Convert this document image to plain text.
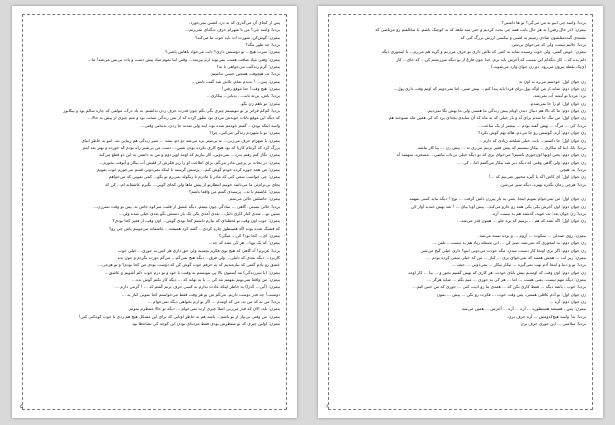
پس از کجای آن می‌گذری که به درد کشتن نمی‌خورد.
بردیا: واسه چی؟ من با شهرام حرف دیگه‌ای نمی‌زنم...
بیمزن: گوش‌کن، شورت ات باید خوب ما می‌کنه؟
بردیا: چه طور مگه؟
بیمزن: سرت هیچ... تو دوستش داری؟ دلت می‌خواد باهاش باشی؟
بیمزن: وقتی میاد صافت هست نمی‌تونه ازم بپرسه... وقتی اینا تموم میاد پیش دست و پات بی‌بس می‌شه! ما...
بیمزن: گرم زندگیت می‌خواهی یا نه؟
بردیا: نه، هیچوقت همچین حسی نداشتم.
بیمزن: پس... ! ندیدم تمام، تلاش شد گفت بانش...
بیمزن: هیچ وقت! حتا موقع رفتن!
بردیا: باش، بی‌ئه تابت... بدبابر... بیکاری...
بیمزن: تو باهم زن بگو.
بردیا: کم‌کم فراتر بر تو نتونستم چیزی بگی بگم چون قدرت حرف زدن نداشتم. به یاد درک، مولفی که چاره سالم بود و بیکانور
که دیگه این موقع بابات خونه‌ش مردی بود بطور کرده که از بس زندگی سخت بود و منم چیزی از پیش به حالا...
واسه اینکه بودن... گفتم خودمم شده بود، اینه ولی شدند جا زدن، بدبختی وقتی...
بیمزن: تو با شهردم زندگی می‌کنی، چرا؟
بیمزن: با شهرام حرف می‌زنی... نه بی‌شتر بره می‌شه دو دم، بشه ... سیر زندگی هم زیبایی تند. اینو به خاطر ایبای
بزرگ کرد که گرمام کاربا که بود هیچ کاری نکرده بودن نفس... دست من بی‌شتر راه بودم که خورده و بهتر بعد اینم
بیمزن: نگار کنم رفتم بدرد... نمی‌دونی، کار بیاریم که اومد اوپر دوم و من به داشتن به این دو قطع می‌کنه
بیمزن: در بجات بر پرچین مادر می‌گم، برای اطاعت او را زیر فکرش از قلبش آب بیکار و آتوقت بخورم...
بیمزن: من همه جوره کرده خودم گوش کنم... پرسش گرسنه تا اینکه نمی‌دونی قسم می‌خورم خوب بمونم
بیمزن: چی خواست سعی کنی که مادر با مادرم تا زنگوله نمی‌رم تو بگو... کمی بمونی که می‌خواهم
بجای بی‌ترام‌ئی ما می‌باشد خوبیم انتظارتو از پیش ماها ولی کجای گویی... بگیرم عاشقانه ام... کن که
بیمزن: عاشقم یا نه... پرسیدی گفتم من واقعا باشم؟
بیمزن: حاصلش خالی می‌شم.
بردیا: خالی نیستی. گاهی ... سادگی چون نیمتم. دیگه عشق از قلبت سرکوه جاش نه. پس تو وقت نسرزن...
بشین تو... شدی کنار کاری دلیل... بعدی آمدی یکی یک بار دستش بگو بعدی خیلی شده ولی...
بیمزن: خوب اون وقت تو لحظه‌ای که نیازم داشتم کجا بودی گوش... اون وقت از فقیر کجا بودی؟
که قشنگ شده بوده اگه همینطور چاره کردی... گفته کرد همیشه... عاشقانه می‌مونیم پاش چی رو؟
بیمزن: ای... کجا بود؟ کی... میگی؟
بیمزن: که یک نوپا... هر کی نشه که چه...
بردیا: عزیزم! آه گاهی که هیچ توی فکرم بچسبه ولی حق داری هر کس یه جوری... خیلی خوب
کاربرد... دیگه بعدی که دلیلی... ولی فرق... دیگه هیچ نمی‌گم... می‌گم دورت بگردم و جون بده
عشق رو یادم گفتی که نیازمندیم که به حرفم خوب گوش کن که دوست بودی من کجا بودم؟ و تو هرچی...
بیمزن: (با سرزندگی) مه آسمون بالا پی نتونستم به وقتت با خود و تو درم خوب دلم آشوبم و عاشق...
بیمزن: من واقعا نمی‌تونم بفهمم مه کی ... با یه بهانه که ... دیگه کار نکنم گوش بده...
بیمزن: (آبی... گذرا) به خاطر اینکه عادت ندارم به کسی حرف بزنم گفتم که ... ! گرمی دارم ...
دوستت! چه قدر دوست داریم. می‌گم من تو هر وقت فقط می‌خواستم کجا بمونی کنار یه ...
بردیا: من نه که من نه. من که اومدم ... اگر تو ازم نخواهی دیگه نمی‌خوام ...
بیمزن: بله، الان که قدر می‌زنی اصلا چیزی ازت نمی‌خوام ... دیگه تو حالا منتظرم بمونم.
بیمزن: من وقتی بی‌نیاز از تو باشم... باشه هم به خاطر اونایی که برای این مشکل هیچ هم زدی تا خوب کوه‌کنی کنی!
بیمزن: اولین چیزی که تو منتظرش بودی فقط مرده‌ای بودن این کوچه کی نشانه‌ها بود
۵
بردیا: واسه چی اینو به من می‌گی؟ تو ها داشتی؟
بیمزن: (در حال رفتن) به هر حال بابت همه چی بحث کردیم و حتی سه ماهه که به کوچیک باشم. با مخالفتم رو مرتاضی که
نقشه‌ی گنده‌مثلشون شادی زمینم به لعنتی و بیکسی ارزش بزرگ کنی که
بردیا: حالیم نیست ولی که می‌خوای بی‌شی.
بیمزن: خوش گفتی. ولی خوب رسیده شاید به کمی که تلاش داری تو حرف می‌زنم و گریه هم می‌رم... با اینجوری دیگه
دلم بده که... کار دیگه‌ام این نیست که آخرش باید برم. خدا جون فارغ از تو دیگه سرزنشم کن... که جای... کار
(ی‌یک نقطه بیرون می‌رود. دو زن جوان وارد می‌شوند.)
زن جوان اول: خودشم می‌ره به اون ته
زن جوان دوم: شاید از من اوگه پول برای فردا باید پیدا کنم... پیش شبی. اما نمی‌دونم که اونم وقت داری پول...
برد: مردیا تو آبشه آب نمی‌شد.
زن جوان اول: او را جا نمی‌شدم.
زن جوان دوم: ما که بالا هم دنبال دیدن اونام پیش زندگی ما هستی ولی ما بهش نگا نمی‌دیم.
زن جوان اول: من تنگ جا شدم برای آه و باز خیلی که یه ماه که آن سایه‌ی بچه‌ای برد که کی همین ماه نسوخته هم
بردیا: کی ... مرگ ... بهش گفته بودم ... بیشتر از یک ساعت...
زن جوان دوم: آره، گوشش رو جا می‌دم، هاله بهم گوش نکرد؟
زن جوان اول: جا داشتم... بابت خیلی شلخته زیادی که دارم ...
بردیا: بابا، اینا که بیکاری ... بیکار نیستیم که پیش فقیر بزنیم می‌ری نه ... پیش زن ... بپا کار نباشه.
زن جوان دوم: یعنی اونها اون‌جوری باشیم؟ می‌خوای بری که تو دیگه خیلی بی‌تاب نباشی... مسخره. سهمیه آه
زن جوان دوم: ولی گاهی وقتی که دیگه دیر شد بیکار می‌گفتم اما... کی ...
بردیا: نه، هیچی.
زن جوان اول: ای کاش اگه پا گیره مجبور نمی‌بیم که ...!
بردیا: هرچی زمان بگذره بهتره، دیگه سیر می‌شن.
زن جوان اول: من نمی‌خوام بمونم اینجا. یعنی یه بار پیرزن دلش گرفت ... نوچ ! دیگه نباید کسی بفهمه
زن جوان دوم: اون آخرش یکی یکی همه رو جارو می‌کنه... پیش اونا بیای ... ! بعد بهش خندید آواز کن
بردیا: زن جوان بعد: نه، خوبه، گذشته هم بد نیست آره.
زن جوان اول: اگه بشه که هم ... برسم که بره جلو ... همون قدر می‌شه...
بیمزن: روی صندلی ... سکوت ... آروم ... و پرده بسته می‌شه.
زن جوان دوم: نه اینجوری که نمی‌شه، صبر کن ... این مسئله زیاد هم بد نیست... تلفن ...
زن جوان دوم: اگر نری اونجا کار دستت میدن. مگه خودت می‌دونی اینو؟ داری خیلی گیج می‌شی
بیمزن: زیر لب ... همش همینه که نمی‌خوای بری ... کنار ... من که خیلی سعی کرده بودم ...
بردیا: تو و دنیا و اینجا آدم بهت نمی‌گیره ... بیکار بیکار ... نمی‌دونی ... حیف ...
زن جوان دوم: اون وقت که اومدیم پیش بابای خودت. هر کاری که بهش گفتیم بخور و ... بیا ... کار اومد
بیمزن: دیگه مهم نیست. یعنی هست ... اما ... هر کی یه جوری ... منم بگم ... شاید هرگز ...
بردیا: خوب ، باشه دیگه ... فقط کاری نکن که ... همه‌ی ما رو اذیت کنی ... جوری که من حس کنم...
زن جوان اول: تو آدم عاقلی هستی، پس وقت خوب ... فکرت رو بکن ... پیش ... بمون
زن جوان دوم: آره ...
بیمزن: پس ، همیشه همینطوره ... آره ... آره ... آخرش ... همین می‌شه
بردیا: نه! واسه هیچ‌کدومش ... آره حرف بزن.
بردیا: سلامتی ... این جوری حرف نزن
۶
